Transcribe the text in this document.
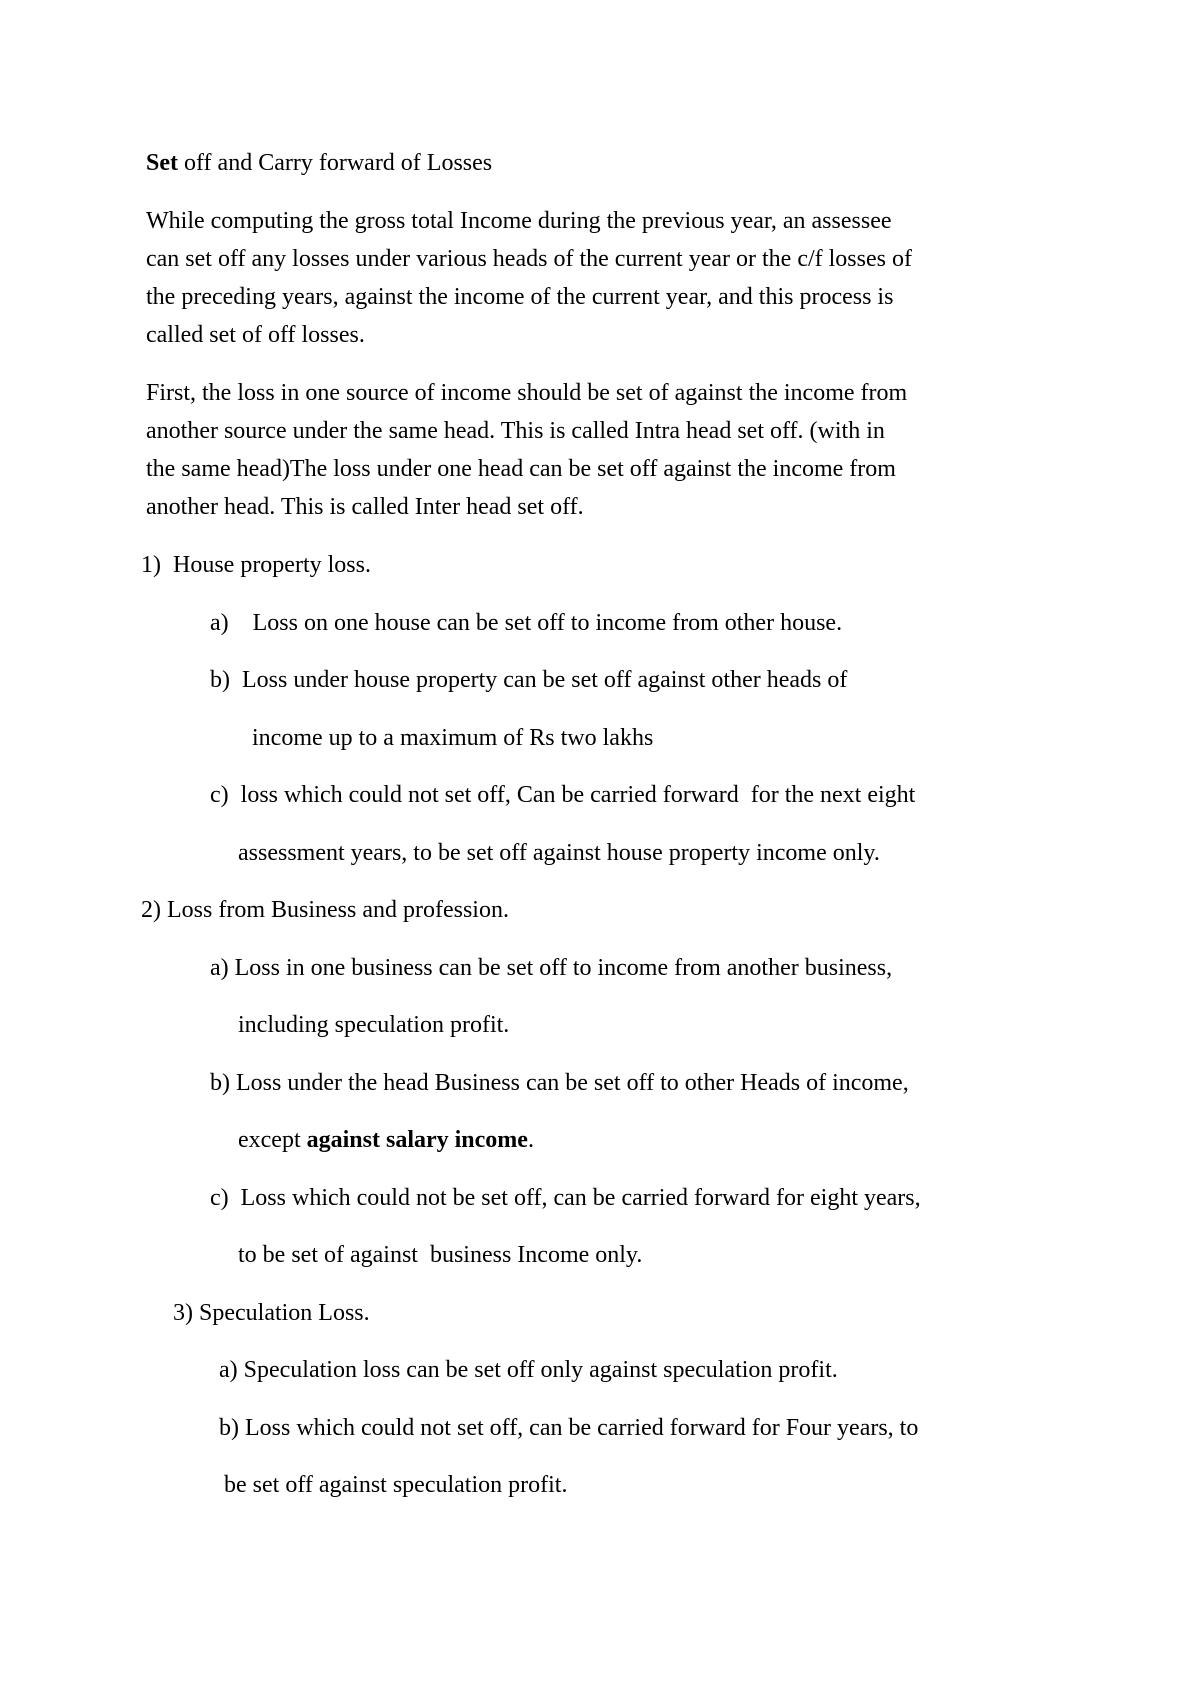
Set off and Carry forward of Losses
While computing the gross total Income during the previous year, an assessee
can set off any losses under various heads of the current year or the c/f losses of
the preceding years, against the income of the current year, and this process is
called set of off losses.
First, the loss in one source of income should be set of against the income from
another source under the same head. This is called Intra head set off. (with in
the same head)The loss under one head can be set off against the income from
another head. This is called Inter head set off.
1)  House property loss.
a)    Loss on one house can be set off to income from other house.
b)  Loss under house property can be set off against other heads of
income up to a maximum of Rs two lakhs
c)  loss which could not set off, Can be carried forward  for the next eight
assessment years, to be set off against house property income only.
2) Loss from Business and profession.
a) Loss in one business can be set off to income from another business,
including speculation profit.
b) Loss under the head Business can be set off to other Heads of income,
except against salary income.
c)  Loss which could not be set off, can be carried forward for eight years,
to be set of against  business Income only.
3) Speculation Loss.
a) Speculation loss can be set off only against speculation profit.
b) Loss which could not set off, can be carried forward for Four years, to
be set off against speculation profit.
